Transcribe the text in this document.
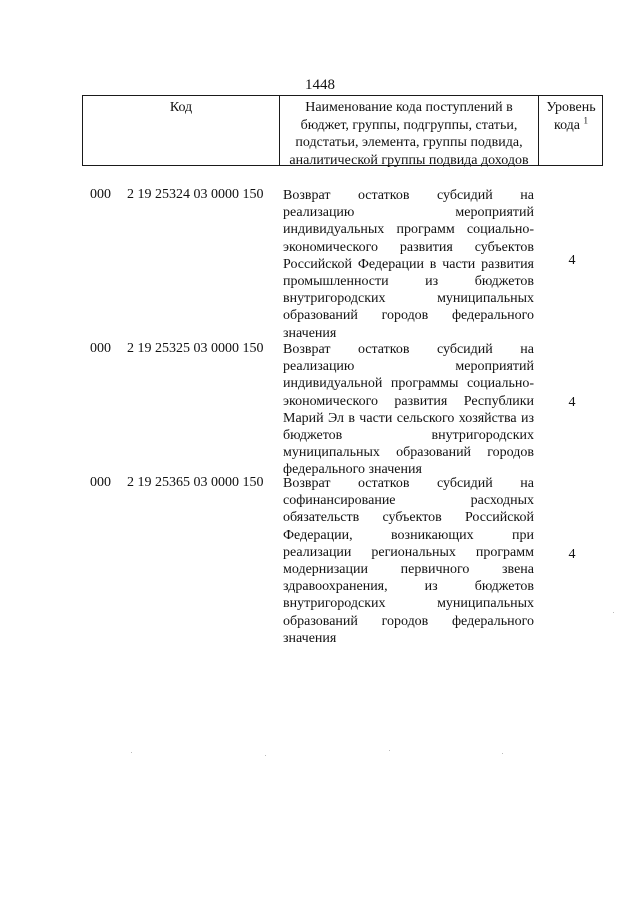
1448
Код	Наименование кода поступлений в
бюджет, группы, подгруппы, статьи,
подстатьи, элемента, группы подвида,
аналитической группы подвида доходов
Уровень
кода $^1$
000 2 19 25324 03 0000 150 Возврат остатков субсидий на
реализацию мероприятий
индивидуальных программ социально-
экономического развития субъектов
Российской Федерации в части развития
промышленности из бюджетов
внутригородских муниципальных
образований городов федерального
значения
4
000 2 19 25325 03 0000 150 Возврат остатков субсидий на
реализацию мероприятий
индивидуальной программы социально-
экономического развития Республики
Марий Эл в части сельского хозяйства из
бюджетов внутригородских
муниципальных образований городов
федерального значения
4
000 2 19 25365 03 0000 150 Возврат остатков субсидий на
софинансирование расходных
обязательств субъектов Российской
Федерации, возникающих при
реализации региональных программ
модернизации первичного звена
здравоохранения, из бюджетов
внутригородских муниципальных
образований городов федерального
значения
4
